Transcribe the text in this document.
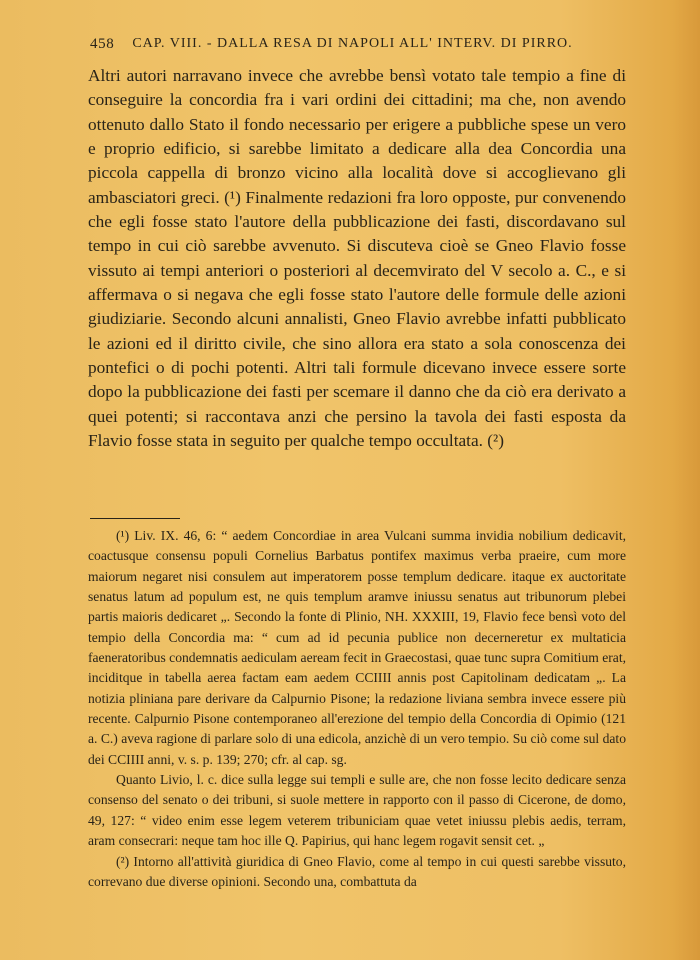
458 CAP. VIII. - DALLA RESA DI NAPOLI ALL' INTERV. DI PIRRO.

Altri autori narravano invece che avrebbe bensì votato tale tempio a fine di conseguire la concordia fra i vari ordini dei cittadini; ma che, non avendo ottenuto dallo Stato il fondo necessario per erigere a pubbliche spese un vero e proprio edificio, si sarebbe limitato a dedicare alla dea Concordia una piccola cappella di bronzo vicino alla località dove si accoglievano gli ambasciatori greci. (¹) Finalmente redazioni fra loro opposte, pur convenendo che egli fosse stato l'autore della pubblicazione dei fasti, discordavano sul tempo in cui ciò sarebbe avvenuto. Si discuteva cioè se Gneo Flavio fosse vissuto ai tempi anteriori o posteriori al decemvirato del V secolo a. C., e si affermava o si negava che egli fosse stato l'autore delle formule delle azioni giudiziarie. Secondo alcuni annalisti, Gneo Flavio avrebbe infatti pubblicato le azioni ed il diritto civile, che sino allora era stato a sola conoscenza dei pontefici o di pochi potenti. Altri tali formule dicevano invece essere sorte dopo la pubblicazione dei fasti per scemare il danno che da ciò era derivato a quei potenti; si raccontava anzi che persino la tavola dei fasti esposta da Flavio fosse stata in seguito per qualche tempo occultata. (²)

(¹) Liv. IX. 46, 6: “ aedem Concordiae in area Vulcani summa invidia nobilium dedicavit, coactusque consensu populi Cornelius Barbatus pontifex maximus verba praeire, cum more maiorum negaret nisi consulem aut imperatorem posse templum dedicare. itaque ex auctoritate senatus latum ad populum est, ne quis templum aramve iniussu senatus aut tribunorum plebei partis maioris dedicaret „. Secondo la fonte di Plinio, NH. XXXIII, 19, Flavio fece bensì voto del tempio della Concordia ma: “ cum ad id pecunia publice non decerneretur ex multaticia faeneratoribus condemnatis aediculam aeream fecit in Graecostasi, quae tunc supra Comitium erat, inciditque in tabella aerea factam eam aedem CCIIII annis post Capitolinam dedicatam „. La notizia pliniana pare derivare da Calpurnio Pisone; la redazione liviana sembra invece essere più recente. Calpurnio Pisone contemporaneo all'erezione del tempio della Concordia di Opimio (121 a. C.) aveva ragione di parlare solo di una edicola, anzichè di un vero tempio. Su ciò come sul dato dei CCIIII anni, v. s. p. 139; 270; cfr. al cap. sg.

Quanto Livio, l. c. dice sulla legge sui templi e sulle are, che non fosse lecito dedicare senza consenso del senato o dei tribuni, si suole mettere in rapporto con il passo di Cicerone, de domo, 49, 127: “ video enim esse legem veterem tribuniciam quae vetet iniussu plebis aedis, terram, aram consecrari: neque tam hoc ille Q. Papirius, qui hanc legem rogavit sensit cet. „

(²) Intorno all'attività giuridica di Gneo Flavio, come al tempo in cui questi sarebbe vissuto, correvano due diverse opinioni. Secondo una, combattuta da
